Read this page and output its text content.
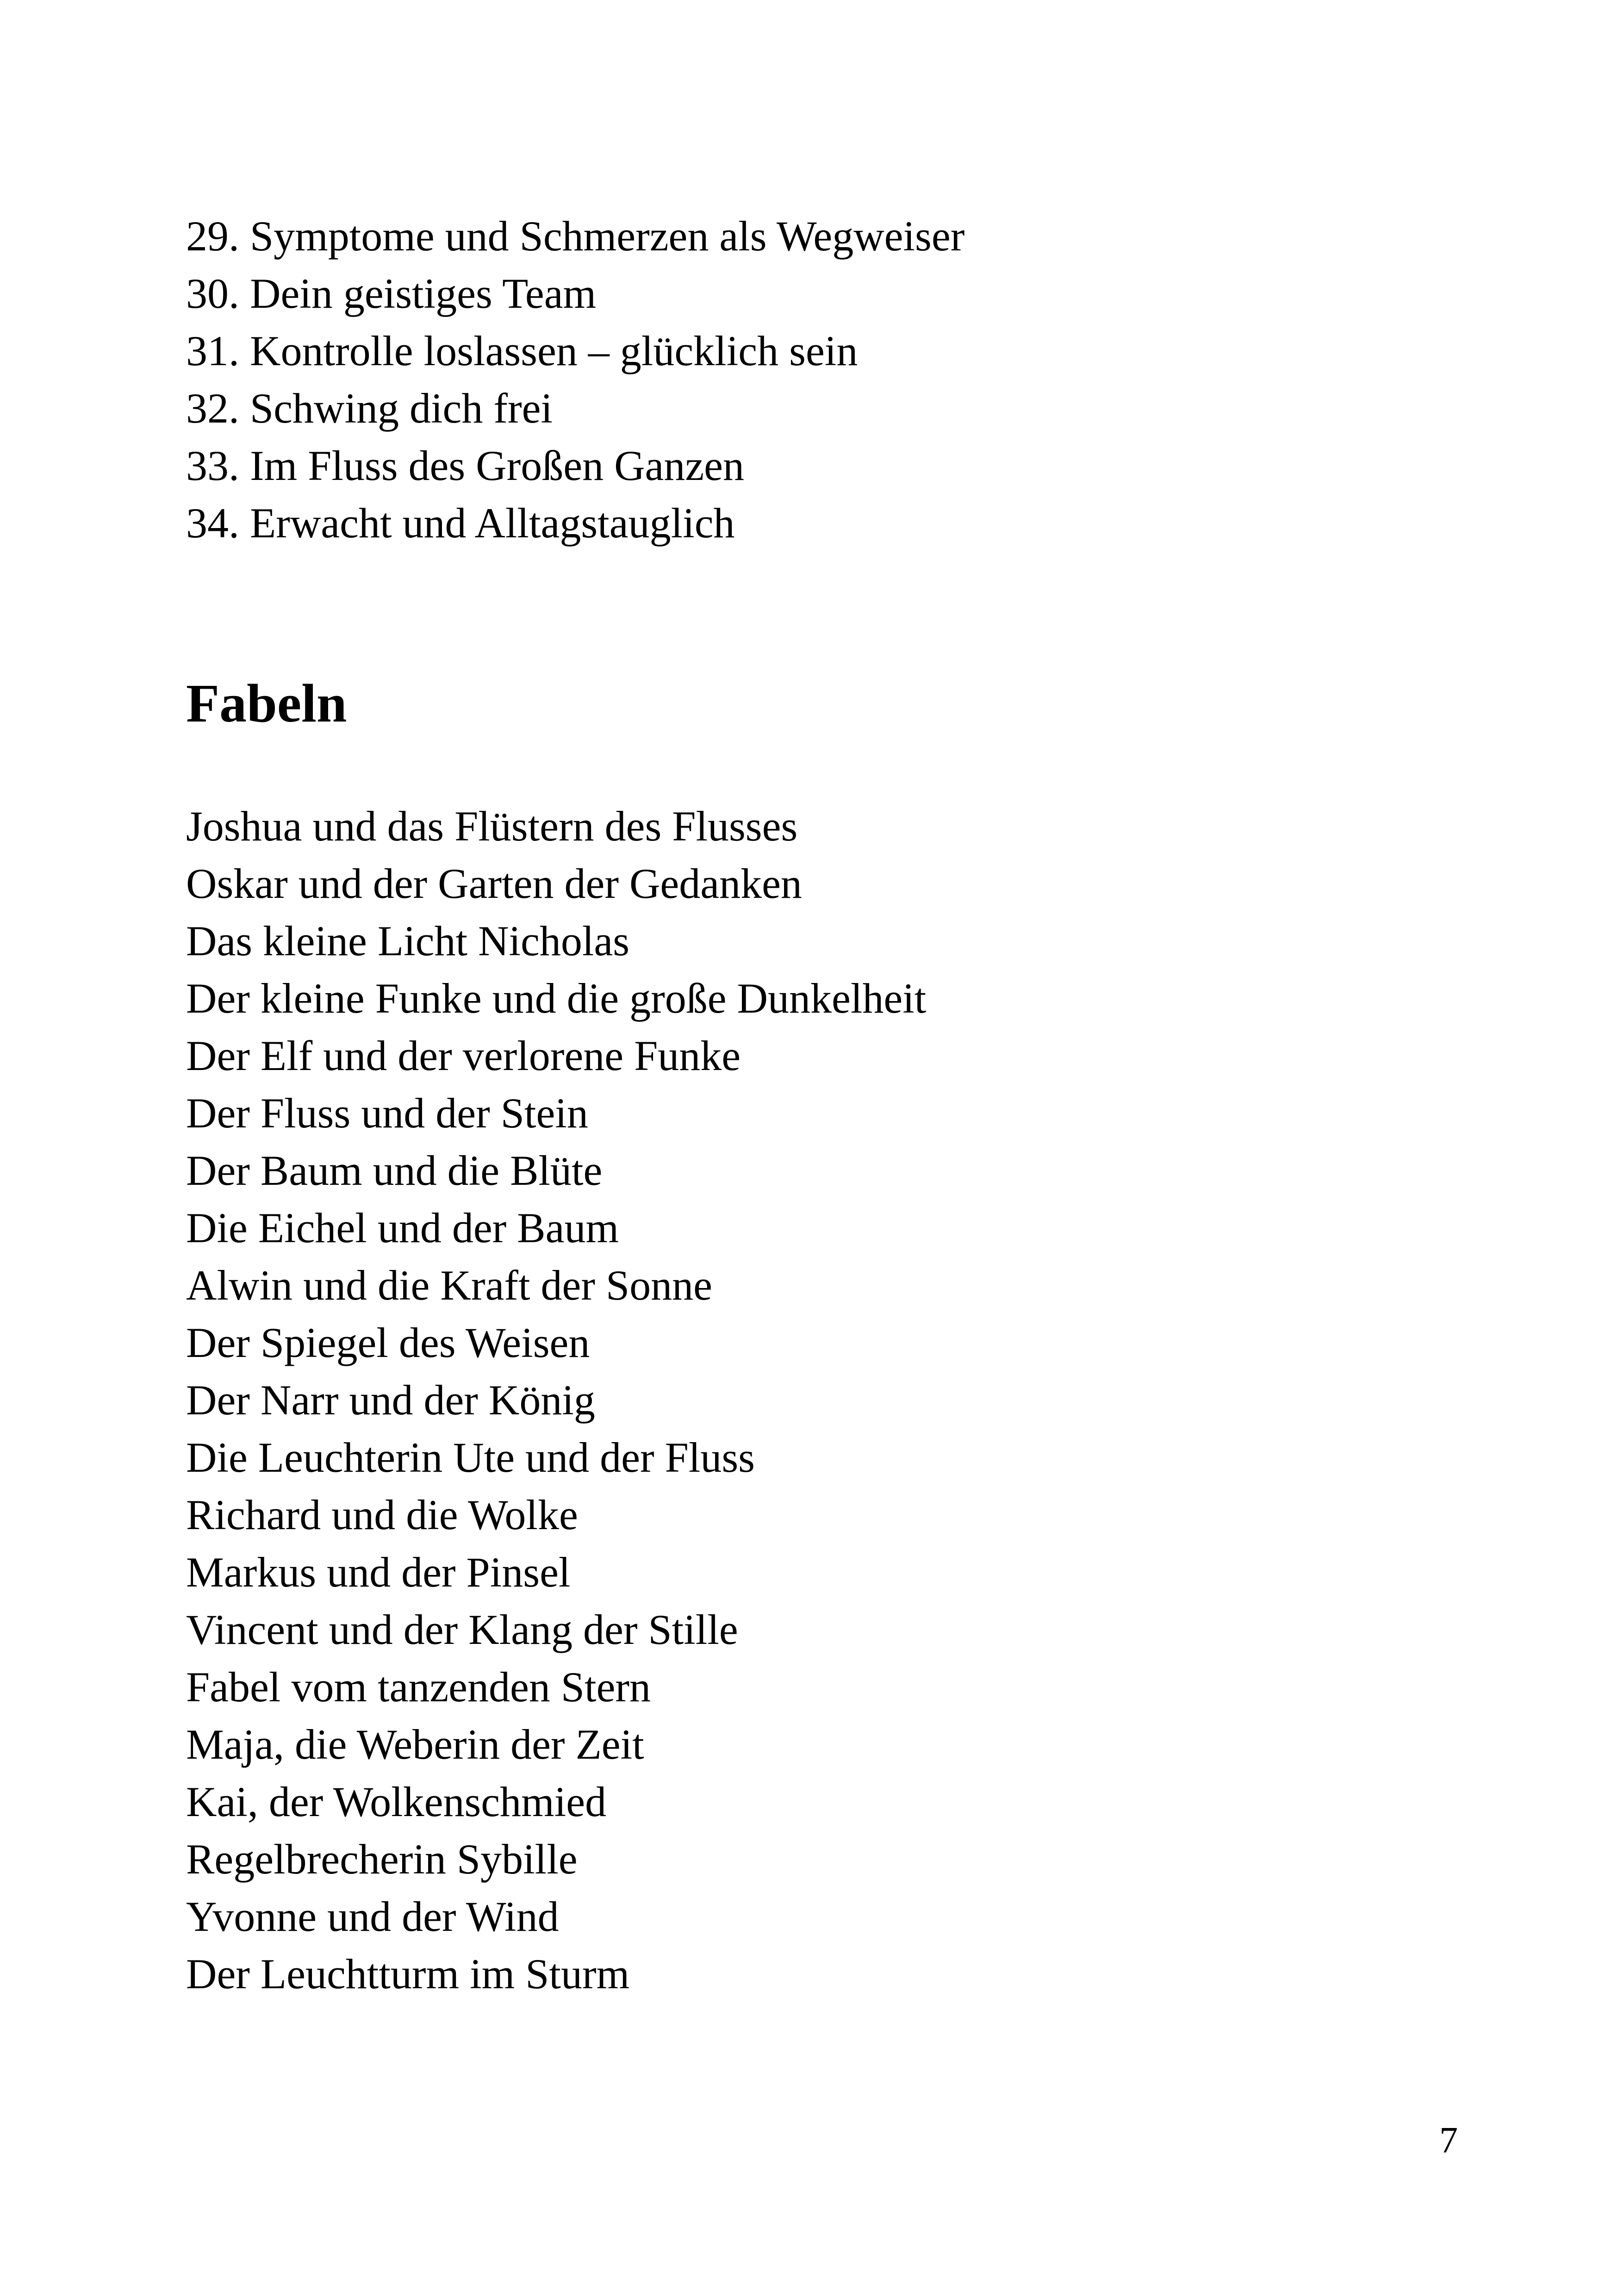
29. Symptome und Schmerzen als Wegweiser
30. Dein geistiges Team
31. Kontrolle loslassen – glücklich sein
32. Schwing dich frei
33. Im Fluss des Großen Ganzen
34. Erwacht und Alltagstauglich
Fabeln
Joshua und das Flüstern des Flusses
Oskar und der Garten der Gedanken
Das kleine Licht Nicholas
Der kleine Funke und die große Dunkelheit
Der Elf und der verlorene Funke
Der Fluss und der Stein
Der Baum und die Blüte
Die Eichel und der Baum
Alwin und die Kraft der Sonne
Der Spiegel des Weisen
Der Narr und der König
Die Leuchterin Ute und der Fluss
Richard und die Wolke
Markus und der Pinsel
Vincent und der Klang der Stille
Fabel vom tanzenden Stern
Maja, die Weberin der Zeit
Kai, der Wolkenschmied
Regelbrecherin Sybille
Yvonne und der Wind
Der Leuchtturm im Sturm
7
